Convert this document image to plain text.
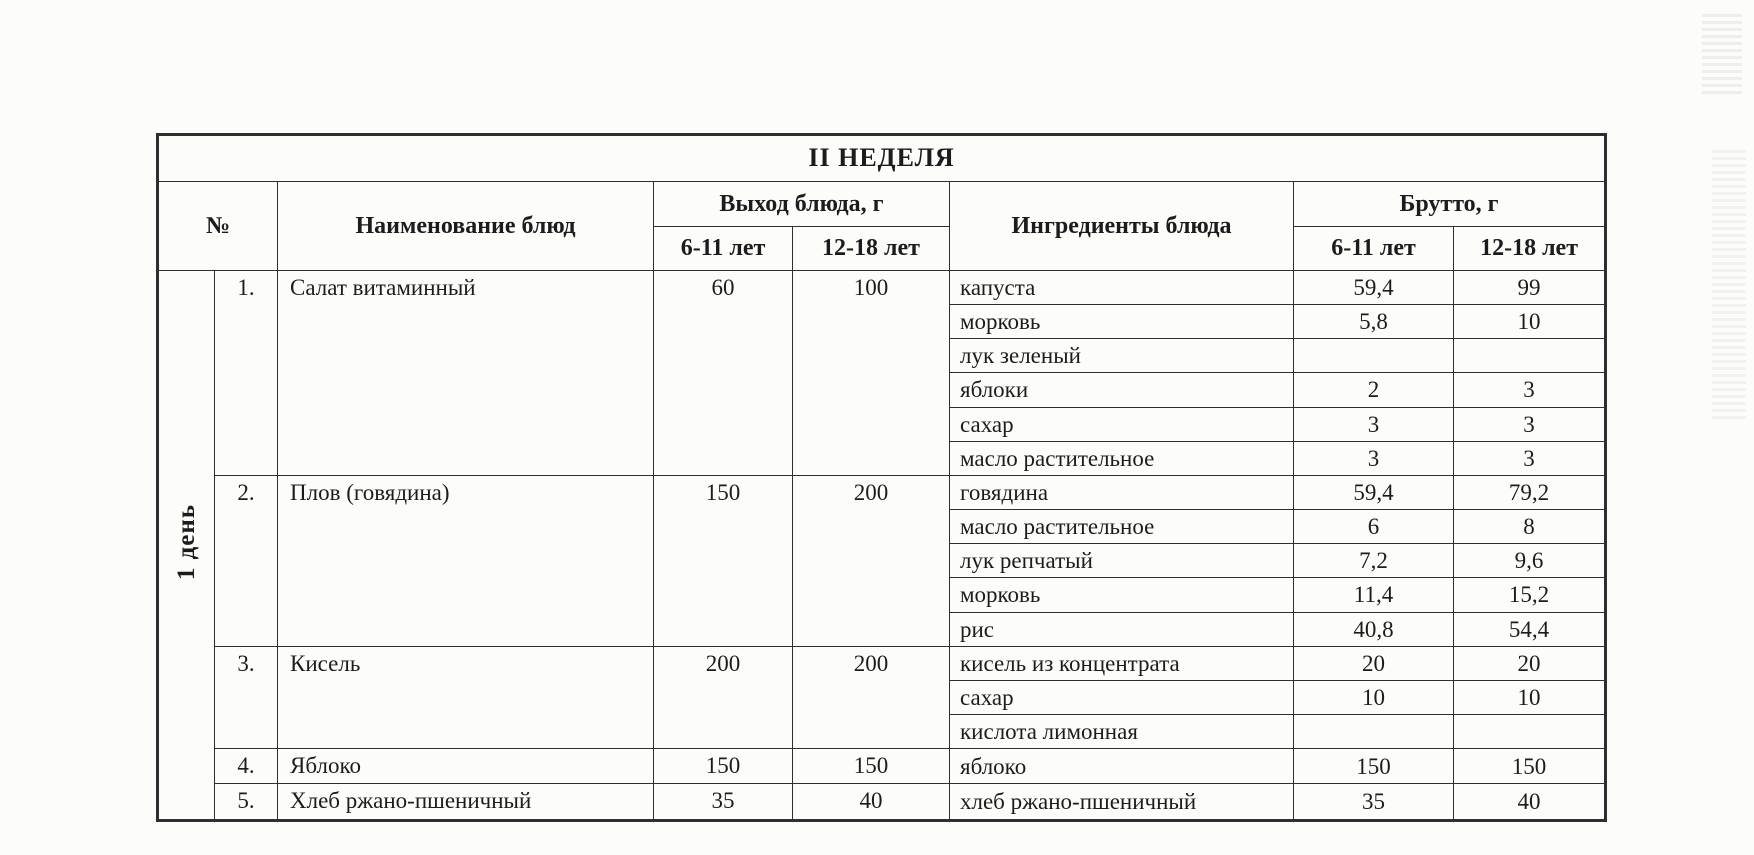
II НЕДЕЛЯ							
№		Наименование блюд	Выход блюда, г		Ингредиенты блюда	Брутто, г	
			6-11 лет	12-18 лет		6-11 лет	12-18 лет
1 день	1.	Салат витаминный	60	100	капуста	59,4	99
					морковь	5,8	10
					лук зеленый		
					яблоки	2	3
					сахар	3	3
					масло растительное	3	3
	2.	Плов (говядина)	150	200	говядина	59,4	79,2
					масло растительное	6	8
					лук репчатый	7,2	9,6
					морковь	11,4	15,2
					рис	40,8	54,4
	3.	Кисель	200	200	кисель из концентрата	20	20
					сахар	10	10
					кислота лимонная		
	4.	Яблоко	150	150	яблоко	150	150
	5.	Хлеб ржано-пшеничный	35	40	хлеб ржано-пшеничный	35	40
